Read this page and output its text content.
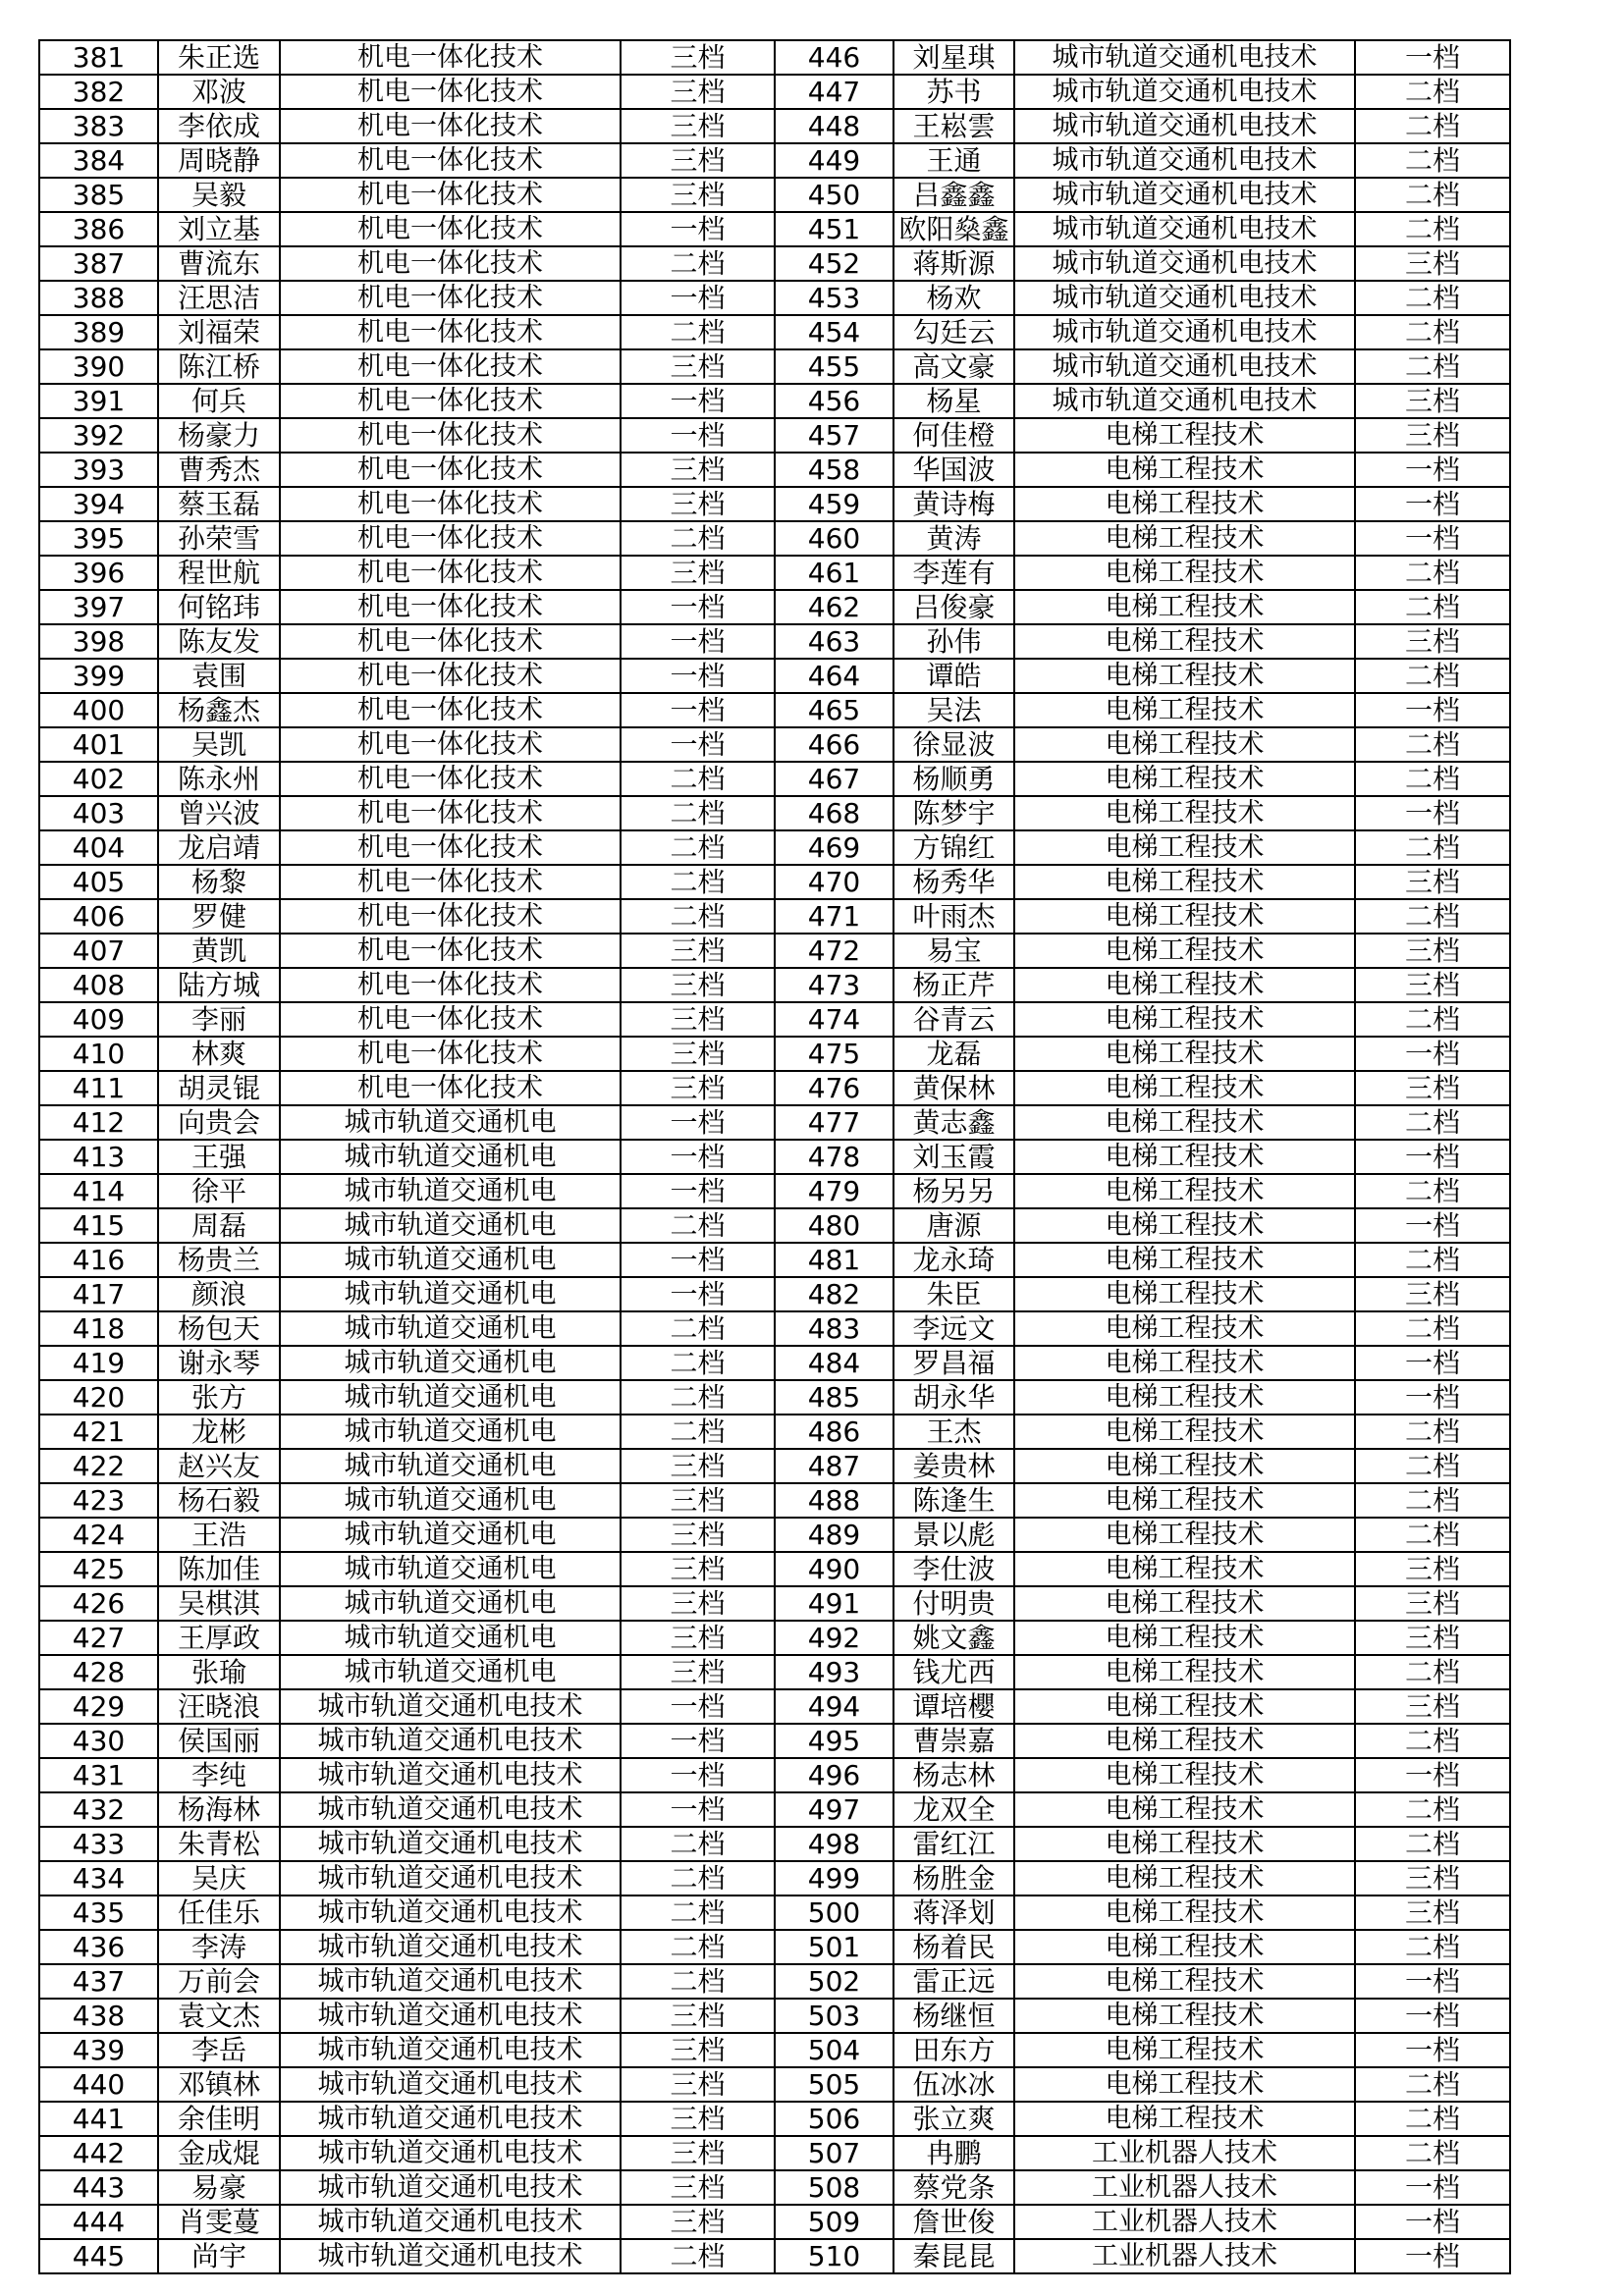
381	朱正选	机电一体化技术	三档	446	刘星琪	城市轨道交通机电技术	一档
382	邓波	机电一体化技术	三档	447	苏书	城市轨道交通机电技术	二档
383	李依成	机电一体化技术	三档	448	王崧雲	城市轨道交通机电技术	二档
384	周晓静	机电一体化技术	三档	449	王通	城市轨道交通机电技术	二档
385	吴毅	机电一体化技术	三档	450	吕鑫鑫	城市轨道交通机电技术	二档
386	刘立基	机电一体化技术	一档	451	欧阳燊鑫	城市轨道交通机电技术	二档
387	曹流东	机电一体化技术	二档	452	蒋斯源	城市轨道交通机电技术	三档
388	汪思洁	机电一体化技术	一档	453	杨欢	城市轨道交通机电技术	二档
389	刘福荣	机电一体化技术	二档	454	勾廷云	城市轨道交通机电技术	二档
390	陈江桥	机电一体化技术	三档	455	高文豪	城市轨道交通机电技术	二档
391	何兵	机电一体化技术	一档	456	杨星	城市轨道交通机电技术	三档
392	杨豪力	机电一体化技术	一档	457	何佳橙	电梯工程技术	三档
393	曹秀杰	机电一体化技术	三档	458	华国波	电梯工程技术	一档
394	蔡玉磊	机电一体化技术	三档	459	黄诗梅	电梯工程技术	一档
395	孙荣雪	机电一体化技术	二档	460	黄涛	电梯工程技术	一档
396	程世航	机电一体化技术	三档	461	李莲有	电梯工程技术	二档
397	何铭玮	机电一体化技术	一档	462	吕俊豪	电梯工程技术	二档
398	陈友发	机电一体化技术	一档	463	孙伟	电梯工程技术	三档
399	袁围	机电一体化技术	一档	464	谭皓	电梯工程技术	二档
400	杨鑫杰	机电一体化技术	一档	465	吴法	电梯工程技术	一档
401	吴凯	机电一体化技术	一档	466	徐显波	电梯工程技术	二档
402	陈永州	机电一体化技术	二档	467	杨顺勇	电梯工程技术	二档
403	曾兴波	机电一体化技术	二档	468	陈梦宇	电梯工程技术	一档
404	龙启靖	机电一体化技术	二档	469	方锦红	电梯工程技术	二档
405	杨黎	机电一体化技术	二档	470	杨秀华	电梯工程技术	三档
406	罗健	机电一体化技术	二档	471	叶雨杰	电梯工程技术	二档
407	黄凯	机电一体化技术	三档	472	易宝	电梯工程技术	三档
408	陆方城	机电一体化技术	三档	473	杨正芹	电梯工程技术	三档
409	李丽	机电一体化技术	三档	474	谷青云	电梯工程技术	二档
410	林爽	机电一体化技术	三档	475	龙磊	电梯工程技术	一档
411	胡灵锟	机电一体化技术	三档	476	黄保林	电梯工程技术	三档
412	向贵会	城市轨道交通机电	一档	477	黄志鑫	电梯工程技术	二档
413	王强	城市轨道交通机电	一档	478	刘玉霞	电梯工程技术	一档
414	徐平	城市轨道交通机电	一档	479	杨另另	电梯工程技术	二档
415	周磊	城市轨道交通机电	二档	480	唐源	电梯工程技术	一档
416	杨贵兰	城市轨道交通机电	一档	481	龙永琦	电梯工程技术	二档
417	颜浪	城市轨道交通机电	一档	482	朱臣	电梯工程技术	三档
418	杨包天	城市轨道交通机电	二档	483	李远文	电梯工程技术	二档
419	谢永琴	城市轨道交通机电	二档	484	罗昌福	电梯工程技术	一档
420	张方	城市轨道交通机电	二档	485	胡永华	电梯工程技术	一档
421	龙彬	城市轨道交通机电	二档	486	王杰	电梯工程技术	二档
422	赵兴友	城市轨道交通机电	三档	487	姜贵林	电梯工程技术	二档
423	杨石毅	城市轨道交通机电	三档	488	陈逢生	电梯工程技术	二档
424	王浩	城市轨道交通机电	三档	489	景以彪	电梯工程技术	二档
425	陈加佳	城市轨道交通机电	三档	490	李仕波	电梯工程技术	三档
426	吴棋淇	城市轨道交通机电	三档	491	付明贵	电梯工程技术	三档
427	王厚政	城市轨道交通机电	三档	492	姚文鑫	电梯工程技术	三档
428	张瑜	城市轨道交通机电	三档	493	钱尤西	电梯工程技术	二档
429	汪晓浪	城市轨道交通机电技术	一档	494	谭培櫻	电梯工程技术	三档
430	侯国丽	城市轨道交通机电技术	一档	495	曹崇嘉	电梯工程技术	二档
431	李纯	城市轨道交通机电技术	一档	496	杨志林	电梯工程技术	一档
432	杨海林	城市轨道交通机电技术	一档	497	龙双全	电梯工程技术	二档
433	朱青松	城市轨道交通机电技术	二档	498	雷红江	电梯工程技术	二档
434	吴庆	城市轨道交通机电技术	二档	499	杨胜金	电梯工程技术	三档
435	任佳乐	城市轨道交通机电技术	二档	500	蒋泽划	电梯工程技术	三档
436	李涛	城市轨道交通机电技术	二档	501	杨着民	电梯工程技术	二档
437	万前会	城市轨道交通机电技术	二档	502	雷正远	电梯工程技术	一档
438	袁文杰	城市轨道交通机电技术	三档	503	杨继恒	电梯工程技术	一档
439	李岳	城市轨道交通机电技术	三档	504	田东方	电梯工程技术	一档
440	邓镇林	城市轨道交通机电技术	三档	505	伍冰冰	电梯工程技术	二档
441	余佳明	城市轨道交通机电技术	三档	506	张立爽	电梯工程技术	二档
442	金成焜	城市轨道交通机电技术	三档	507	冉鹏	工业机器人技术	二档
443	易豪	城市轨道交通机电技术	三档	508	蔡党条	工业机器人技术	一档
444	肖雯蔓	城市轨道交通机电技术	三档	509	詹世俊	工业机器人技术	一档
445	尚宇	城市轨道交通机电技术	二档	510	秦昆昆	工业机器人技术	一档
